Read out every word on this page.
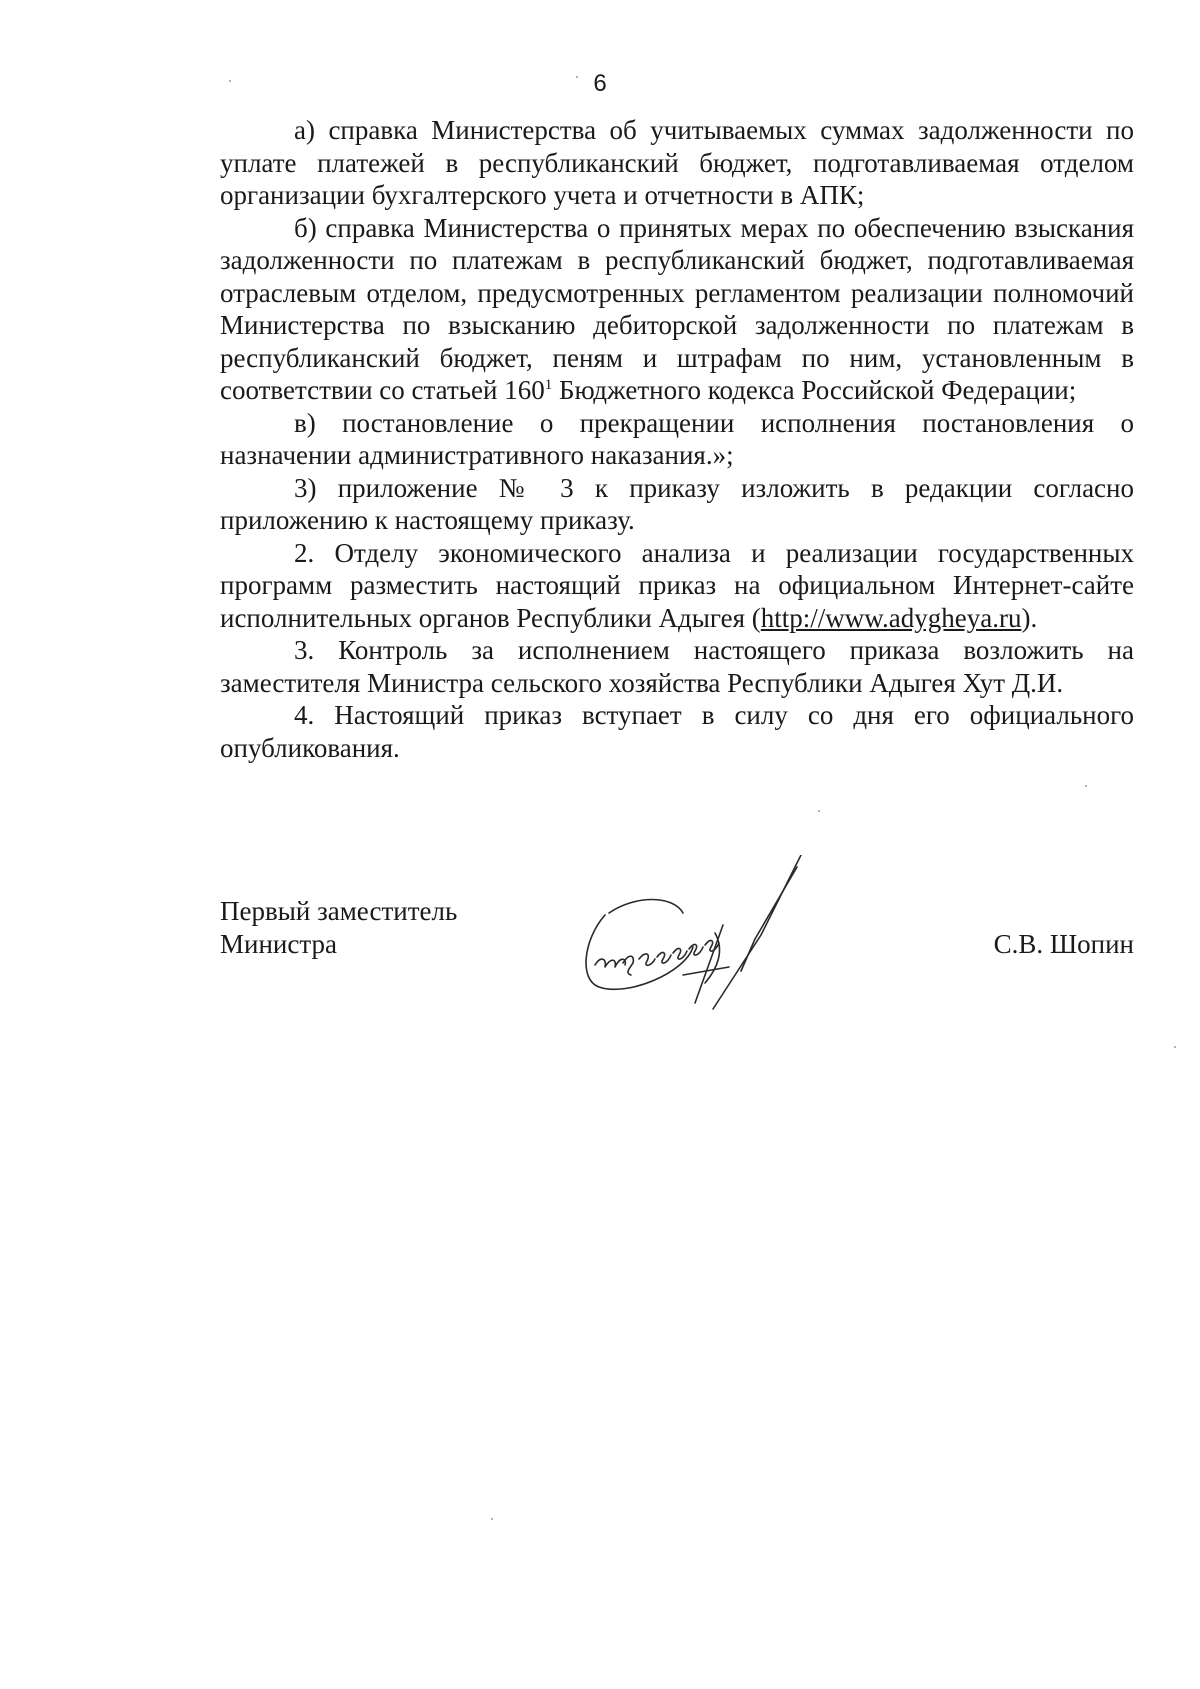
6

а) справка Министерства об учитываемых суммах задолженности по уплате платежей в республиканский бюджет, подготавливаемая отделом организации бухгалтерского учета и отчетности в АПК;

б) справка Министерства о принятых мерах по обеспечению взыскания задолженности по платежам в республиканский бюджет, подготавливаемая отраслевым отделом, предусмотренных регламентом реализации полномочий Министерства по взысканию дебиторской задолженности по платежам в республиканский бюджет, пеням и штрафам по ним, установленным в соответствии со статьей $160^1$ Бюджетного кодекса Российской Федерации;

в) постановление о прекращении исполнения постановления о назначении административного наказания.»;

3) приложение № 3 к приказу изложить в редакции согласно приложению к настоящему приказу.

2. Отделу экономического анализа и реализации государственных программ разместить настоящий приказ на официальном Интернет-сайте исполнительных органов Республики Адыгея (http://www.adygheya.ru).

3. Контроль за исполнением настоящего приказа возложить на заместителя Министра сельского хозяйства Республики Адыгея Хут Д.И.

4. Настоящий приказ вступает в силу со дня его официального опубликования.

Первый заместитель
Министра	С.В. Шопин
